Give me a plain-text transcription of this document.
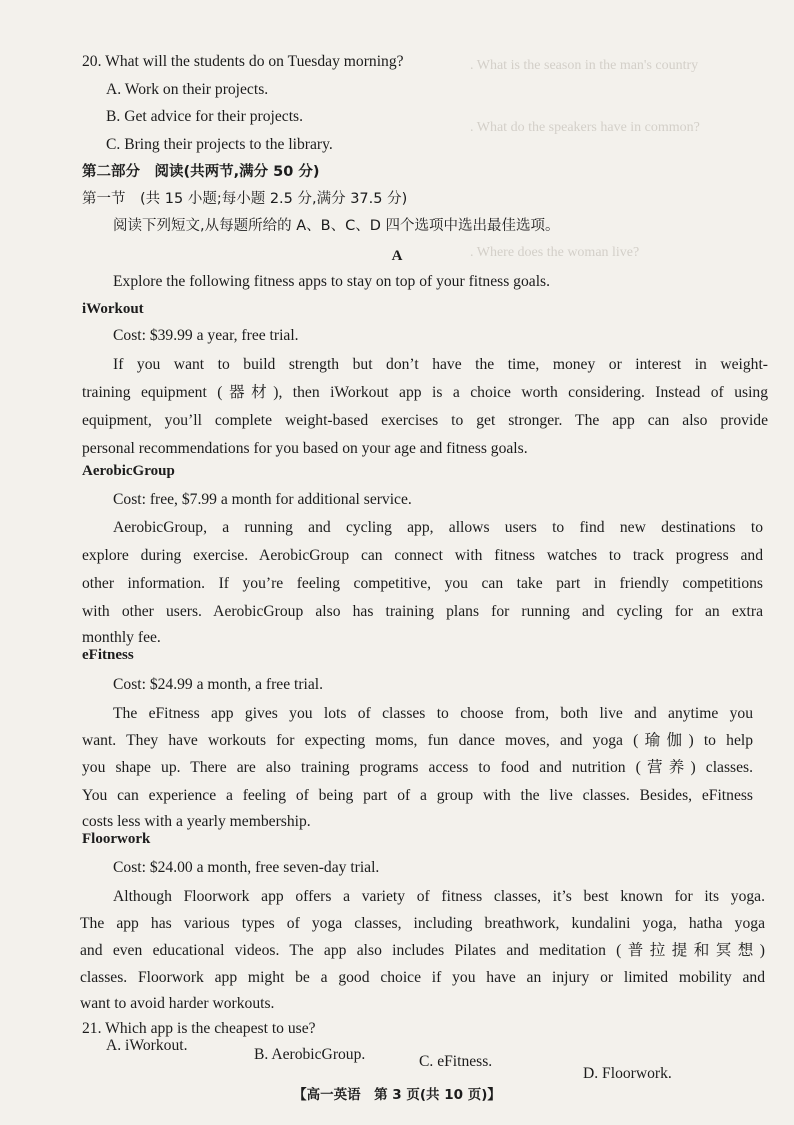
. What is the season in the man's country
. What do the speakers have in common?
. Where does the woman live?
20. What will the students do on Tuesday morning?
A. Work on their projects.
B. Get advice for their projects.
C. Bring their projects to the library.
第二部分　阅读(共两节,满分 50 分)
第一节　(共 15 小题;每小题 2.5 分,满分 37.5 分)
阅读下列短文,从每题所给的 A、B、C、D 四个选项中选出最佳选项。
A
Explore the following fitness apps to stay on top of your fitness goals.
iWorkout
Cost: $39.99 a year, free trial.
If you want to build strength but don’t have the time, money or interest in weight-
training equipment (器材), then iWorkout app is a choice worth considering. Instead of using
equipment, you’ll complete weight-based exercises to get stronger. The app can also provide
personal recommendations for you based on your age and fitness goals.
AerobicGroup
Cost: free, $7.99 a month for additional service.
AerobicGroup, a running and cycling app, allows users to find new destinations to
explore during exercise. AerobicGroup can connect with fitness watches to track progress and
other information. If you’re feeling competitive, you can take part in friendly competitions
with other users. AerobicGroup also has training plans for running and cycling for an extra
monthly fee.
eFitness
Cost: $24.99 a month, a free trial.
The eFitness app gives you lots of classes to choose from, both live and anytime you
want. They have workouts for expecting moms, fun dance moves, and yoga (瑜伽) to help
you shape up. There are also training programs access to food and nutrition (营养) classes.
You can experience a feeling of being part of a group with the live classes. Besides, eFitness
costs less with a yearly membership.
Floorwork
Cost: $24.00 a month, free seven-day trial.
Although Floorwork app offers a variety of fitness classes, it’s best known for its yoga.
The app has various types of yoga classes, including breathwork, kundalini yoga, hatha yoga
and even educational videos. The app also includes Pilates and meditation (普拉提和冥想)
classes. Floorwork app might be a good choice if you have an injury or limited mobility and
want to avoid harder workouts.
21. Which app is the cheapest to use?
A. iWorkout.
B. AerobicGroup.	C. eFitness.
D. Floorwork.
【高一英语　第 3 页(共 10 页)】
